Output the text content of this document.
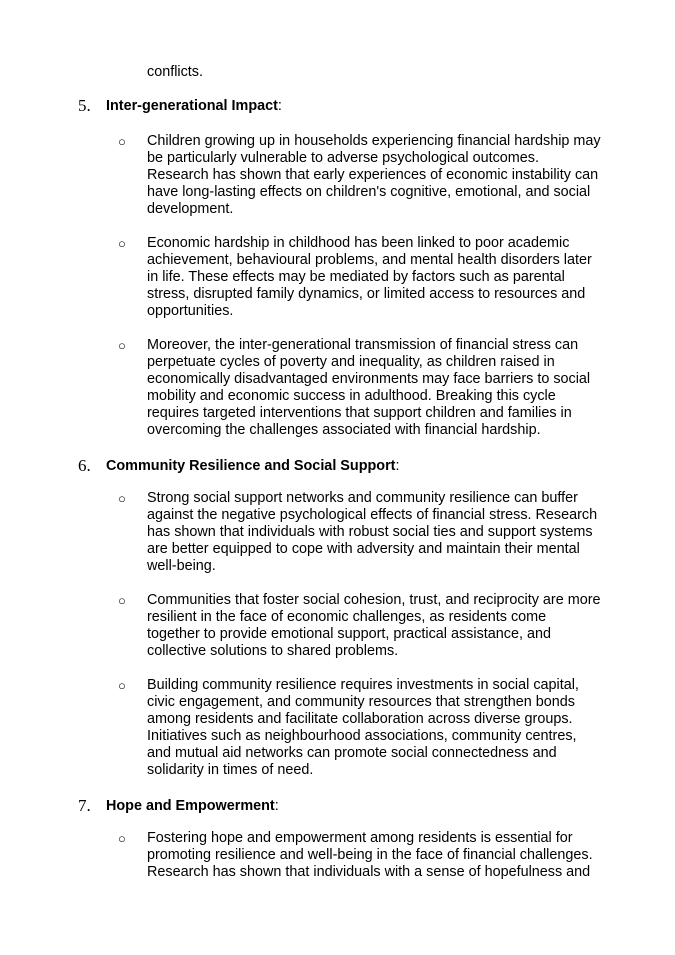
conflicts.
5. Inter-generational Impact:
○ Children growing up in households experiencing financial hardship may
be particularly vulnerable to adverse psychological outcomes.
Research has shown that early experiences of economic instability can
have long-lasting effects on children's cognitive, emotional, and social
development.
○ Economic hardship in childhood has been linked to poor academic
achievement, behavioural problems, and mental health disorders later
in life. These effects may be mediated by factors such as parental
stress, disrupted family dynamics, or limited access to resources and
opportunities.
○ Moreover, the inter-generational transmission of financial stress can
perpetuate cycles of poverty and inequality, as children raised in
economically disadvantaged environments may face barriers to social
mobility and economic success in adulthood. Breaking this cycle
requires targeted interventions that support children and families in
overcoming the challenges associated with financial hardship.
6. Community Resilience and Social Support:
○ Strong social support networks and community resilience can buffer
against the negative psychological effects of financial stress. Research
has shown that individuals with robust social ties and support systems
are better equipped to cope with adversity and maintain their mental
well-being.
○ Communities that foster social cohesion, trust, and reciprocity are more
resilient in the face of economic challenges, as residents come
together to provide emotional support, practical assistance, and
collective solutions to shared problems.
○ Building community resilience requires investments in social capital,
civic engagement, and community resources that strengthen bonds
among residents and facilitate collaboration across diverse groups.
Initiatives such as neighbourhood associations, community centres,
and mutual aid networks can promote social connectedness and
solidarity in times of need.
7. Hope and Empowerment:
○ Fostering hope and empowerment among residents is essential for
promoting resilience and well-being in the face of financial challenges.
Research has shown that individuals with a sense of hopefulness and
